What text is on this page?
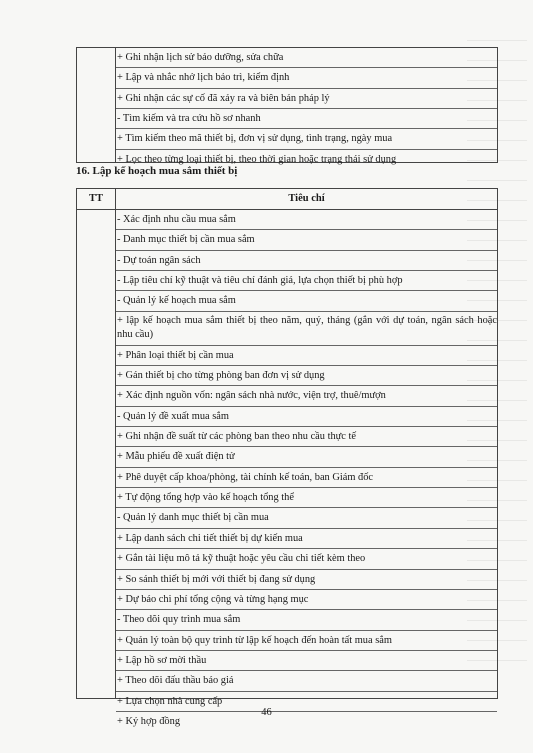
+ Ghi nhận lịch sử bảo dưỡng, sửa chữa
+ Lập và nhắc nhở lịch bảo trì, kiểm định
+ Ghi nhận các sự cố đã xảy ra và biên bản pháp lý
- Tìm kiếm và tra cứu hồ sơ nhanh
+ Tìm kiếm theo mã thiết bị, đơn vị sử dụng, tình trạng, ngày mua
+ Lọc theo từng loại thiết bị, theo thời gian hoặc trạng thái sử dụng
16. Lập kế hoạch mua sắm thiết bị
TT	Tiêu chí
- Xác định nhu cầu mua sắm
- Danh mục thiết bị cần mua sắm
- Dự toán ngân sách
- Lập tiêu chí kỹ thuật và tiêu chí đánh giá, lựa chọn thiết bị phù hợp
- Quản lý kế hoạch mua sắm
+ lập kế hoạch mua sắm thiết bị theo năm, quý, tháng (gắn với dự toán, ngân sách hoặc nhu cầu)
+ Phân loại thiết bị cần mua
+ Gán thiết bị cho từng phòng ban đơn vị sử dụng
+ Xác định nguồn vốn: ngân sách nhà nước, viện trợ, thuê/mượn
- Quản lý đề xuất mua sắm
+ Ghi nhận đề suất từ các phòng ban theo nhu cầu thực tế
+ Mẫu phiếu đề xuất điện tử
+ Phê duyệt cấp khoa/phòng, tài chính kế toán, ban Giám đốc
+ Tự động tổng hợp vào kế hoạch tổng thể
- Quản lý danh mục thiết bị cần mua
+ Lập danh sách chi tiết thiết bị dự kiến mua
+ Gắn tài liệu mô tả kỹ thuật hoặc yêu cầu chi tiết kèm theo
+ So sánh thiết bị mới với thiết bị đang sử dụng
+ Dự báo chi phí tổng cộng và từng hạng mục
- Theo dõi quy trình mua sắm
+ Quản lý toàn bộ quy trình từ lập kế hoạch đến hoàn tất mua sắm
+ Lập hồ sơ mời thầu
+ Theo dõi đấu thầu báo giá
+ Lựa chọn nhà cung cấp
+ Ký hợp đồng
46
